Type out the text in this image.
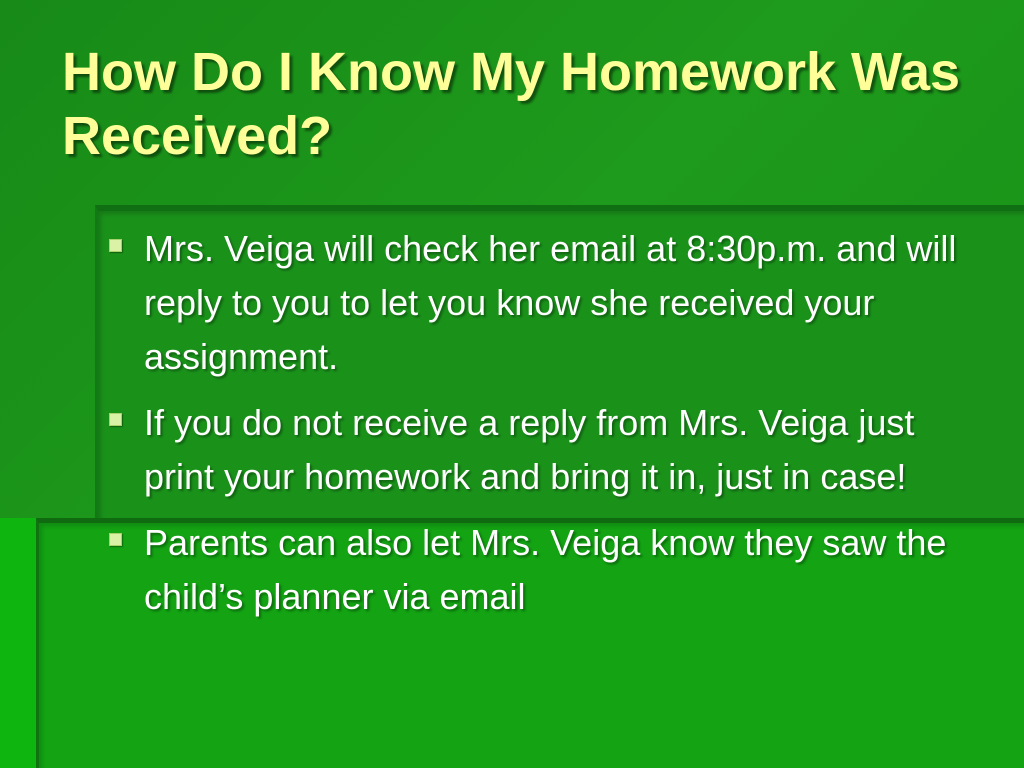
How Do I Know My Homework Was Received?
Mrs. Veiga will check her email at 8:30p.m. and will reply to you to let you know she received your assignment.
If you do not receive a reply from Mrs. Veiga just print your homework and bring it in, just in case!
Parents can also let Mrs. Veiga know they saw the child’s planner via email
